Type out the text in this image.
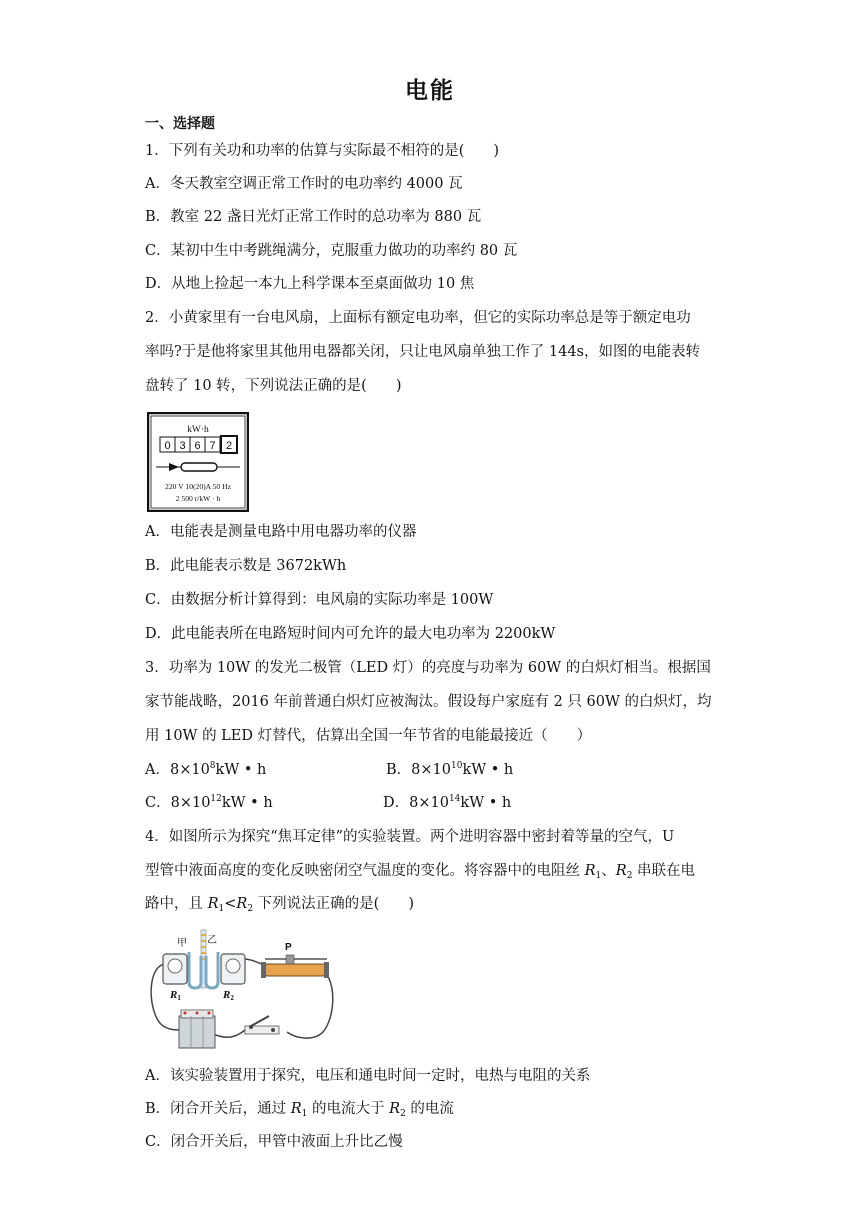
电能
一、选择题
1．下列有关功和功率的估算与实际最不相符的是(　　)
A．冬天教室空调正常工作时的电功率约 4000 瓦
B．教室 22 盏日光灯正常工作时的总功率为 880 瓦
C．某初中生中考跳绳满分，克服重力做功的功率约 80 瓦
D．从地上捡起一本九上科学课本至桌面做功 10 焦
2．小黄家里有一台电风扇，上面标有额定电功率，但它的实际功率总是等于额定电功
率吗?于是他将家里其他用电器都关闭，只让电风扇单独工作了 144s，如图的电能表转
盘转了 10 转，下列说法正确的是(　　)
kW·h
0 3 6 7 2
220 V 10(20)A 50 Hz
2 500 r/kW · h
A．电能表是测量电路中用电器功率的仪器
B．此电能表示数是 3672kWh
C．由数据分析计算得到：电风扇的实际功率是 100W
D．此电能表所在电路短时间内可允许的最大电功率为 2200kW
3．功率为 10W 的发光二极管（LED 灯）的亮度与功率为 60W 的白炽灯相当。根据国
家节能战略，2016 年前普通白炽灯应被淘汰。假设每户家庭有 2 只 60W 的白炽灯，均
用 10W 的 LED 灯替代，估算出全国一年节省的电能最接近（　　）
A．$8\times 10^8kW$ • h	B．$8\times 10^{10}kW$ • h
C．$8\times 10^{12}kW$ • h	D．$8\times 10^{14}kW$ • h
4．如图所示为探究“焦耳定律”的实验装置。两个进明容器中密封着等量的空气，U
型管中液面高度的变化反映密闭空气温度的变化。将容器中的电阻丝 $R_1$、$R_2$ 串联在电
路中，且 $R_1<R_2$ 下列说法正确的是(　　)
甲 乙
R1	R2
P
A．该实验装置用于探究，电压和通电时间一定时，电热与电阻的关系
B．闭合开关后，通过 $R_1$ 的电流大于 $R_2$ 的电流
C．闭合开关后，甲管中液面上升比乙慢
